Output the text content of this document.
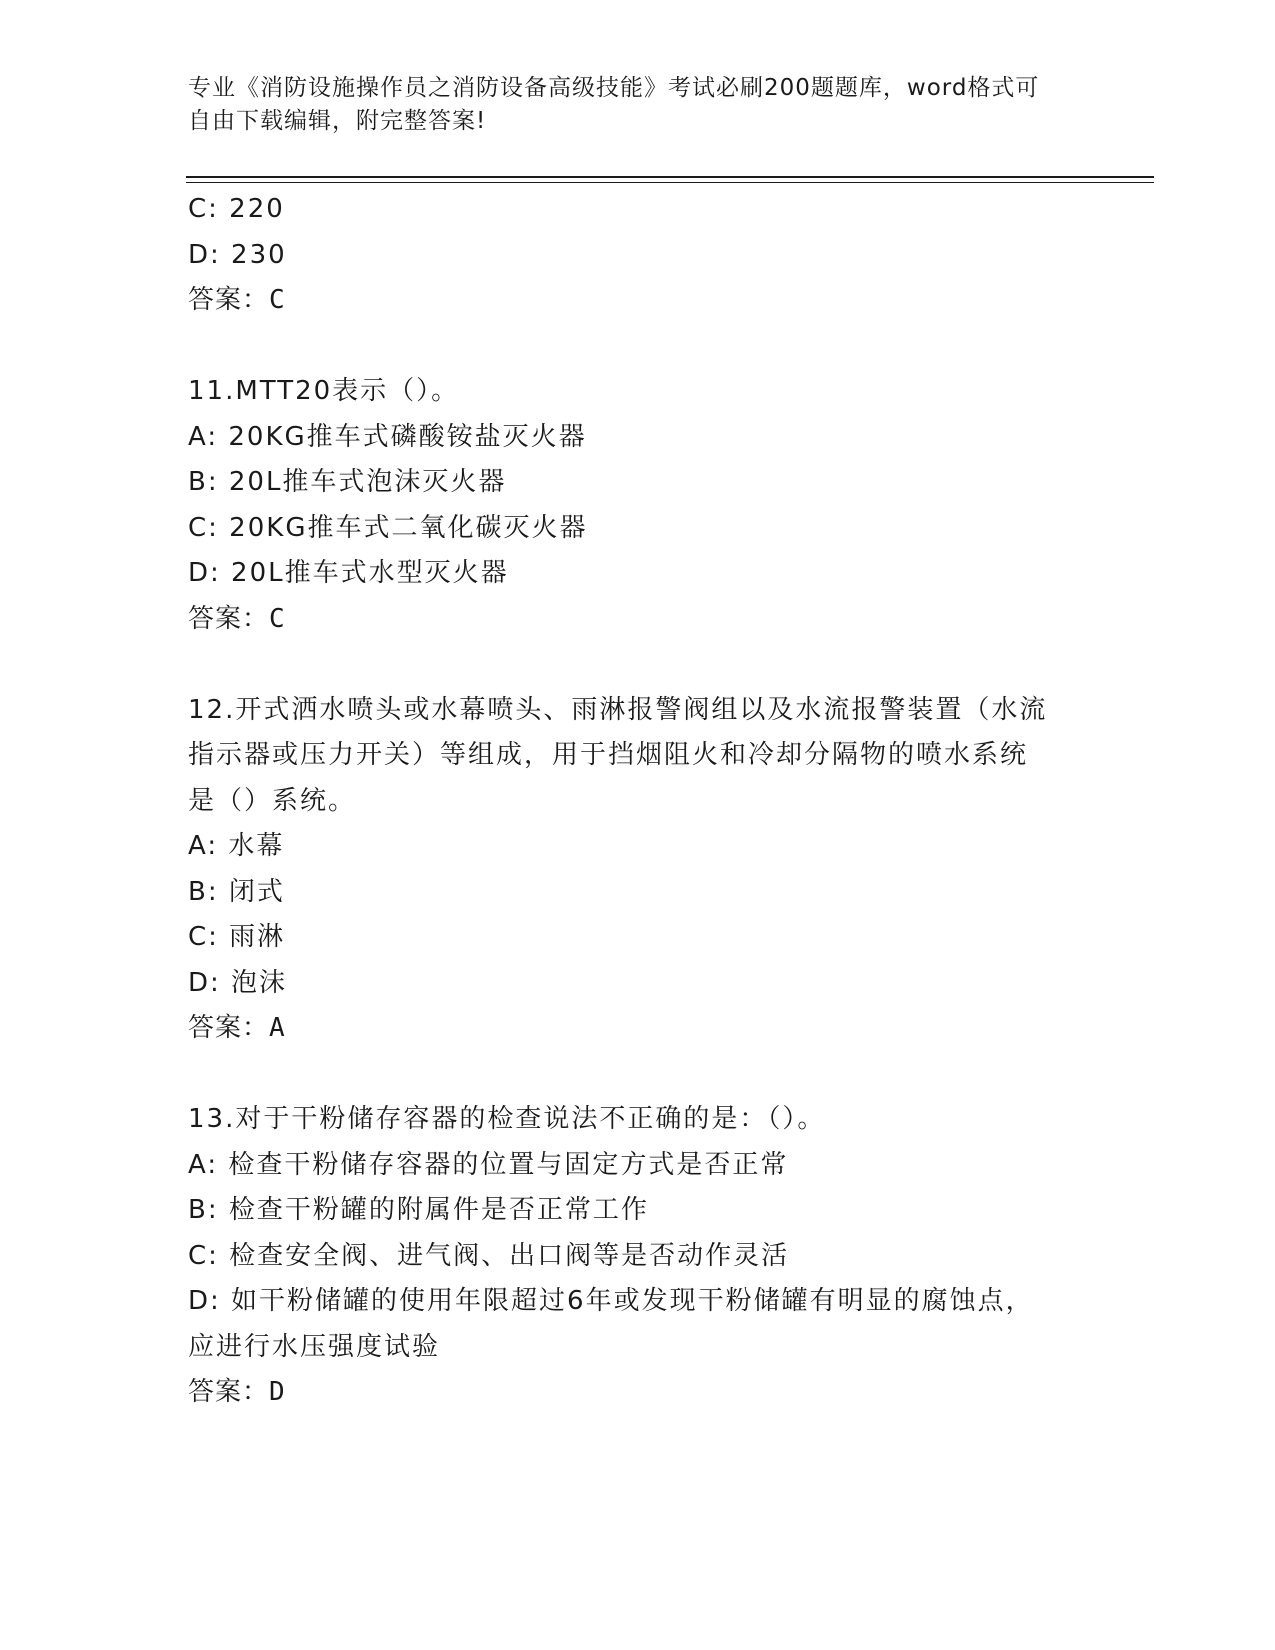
专业《消防设施操作员之消防设备高级技能》考试必刷200题题库，word格式可
自由下载编辑，附完整答案!
C: 220
D: 230
答案：C
11.MTT20表示（）。
A: 20KG推车式磷酸铵盐灭火器
B: 20L推车式泡沫灭火器
C: 20KG推车式二氧化碳灭火器
D: 20L推车式水型灭火器
答案：C
12.开式洒水喷头或水幕喷头、雨淋报警阀组以及水流报警装置（水流
指示器或压力开关）等组成，用于挡烟阻火和冷却分隔物的喷水系统
是（）系统。
A: 水幕
B: 闭式
C: 雨淋
D: 泡沫
答案：A
13.对于干粉储存容器的检查说法不正确的是：（）。
A: 检查干粉储存容器的位置与固定方式是否正常
B: 检查干粉罐的附属件是否正常工作
C: 检查安全阀、进气阀、出口阀等是否动作灵活
D: 如干粉储罐的使用年限超过6年或发现干粉储罐有明显的腐蚀点，
应进行水压强度试验
答案：D
